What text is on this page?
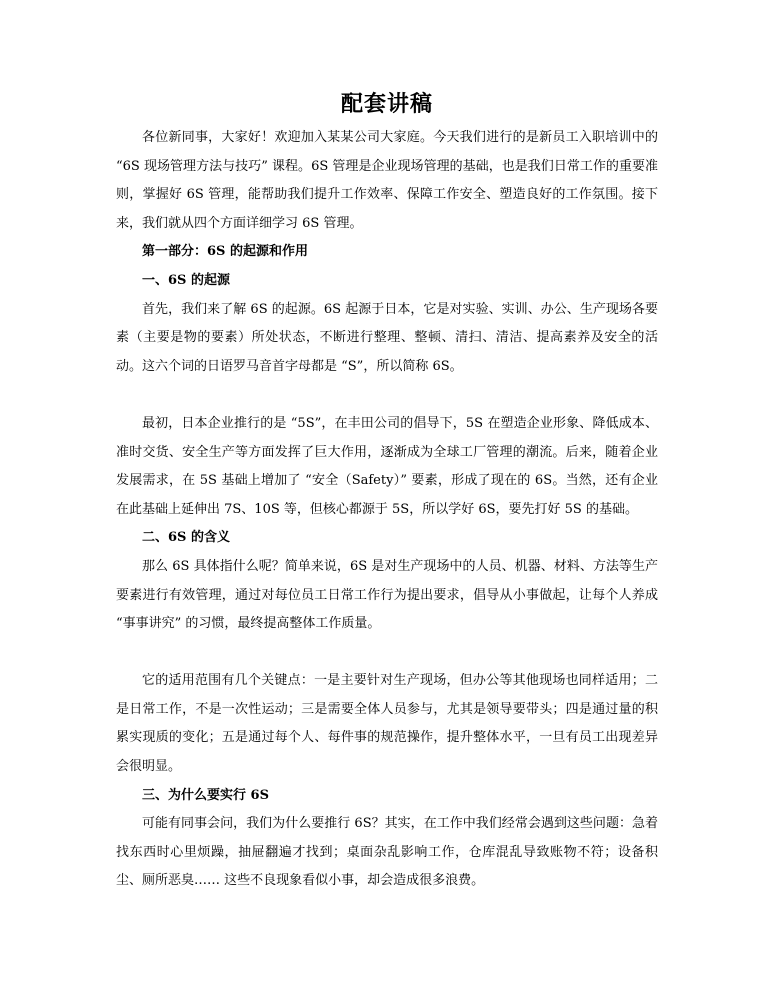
配套讲稿

各位新同事，大家好！欢迎加入某某公司大家庭。今天我们进行的是新员工入职培训中的 “6S 现场管理方法与技巧” 课程。6S 管理是企业现场管理的基础，也是我们日常工作的重要准则，掌握好 6S 管理，能帮助我们提升工作效率、保障工作安全、塑造良好的工作氛围。接下来，我们就从四个方面详细学习 6S 管理。

第一部分：6S 的起源和作用

一、6S 的起源

首先，我们来了解 6S 的起源。6S 起源于日本，它是对实验、实训、办公、生产现场各要素（主要是物的要素）所处状态，不断进行整理、整顿、清扫、清洁、提高素养及安全的活动。这六个词的日语罗马音首字母都是 “S”，所以简称 6S。

最初，日本企业推行的是 “5S”，在丰田公司的倡导下，5S 在塑造企业形象、降低成本、准时交货、安全生产等方面发挥了巨大作用，逐渐成为全球工厂管理的潮流。后来，随着企业发展需求，在 5S 基础上增加了 “安全（Safety）” 要素，形成了现在的 6S。当然，还有企业在此基础上延伸出 7S、10S 等，但核心都源于 5S，所以学好 6S，要先打好 5S 的基础。

二、6S 的含义

那么 6S 具体指什么呢？简单来说，6S 是对生产现场中的人员、机器、材料、方法等生产要素进行有效管理，通过对每位员工日常工作行为提出要求，倡导从小事做起，让每个人养成 “事事讲究” 的习惯，最终提高整体工作质量。

它的适用范围有几个关键点：一是主要针对生产现场，但办公等其他现场也同样适用；二是日常工作，不是一次性运动；三是需要全体人员参与，尤其是领导要带头；四是通过量的积累实现质的变化；五是通过每个人、每件事的规范操作，提升整体水平，一旦有员工出现差异会很明显。

三、为什么要实行 6S

可能有同事会问，我们为什么要推行 6S？其实，在工作中我们经常会遇到这些问题：急着找东西时心里烦躁，抽屉翻遍才找到；桌面杂乱影响工作，仓库混乱导致账物不符；设备积尘、厕所恶臭…… 这些不良现象看似小事，却会造成很多浪费。
